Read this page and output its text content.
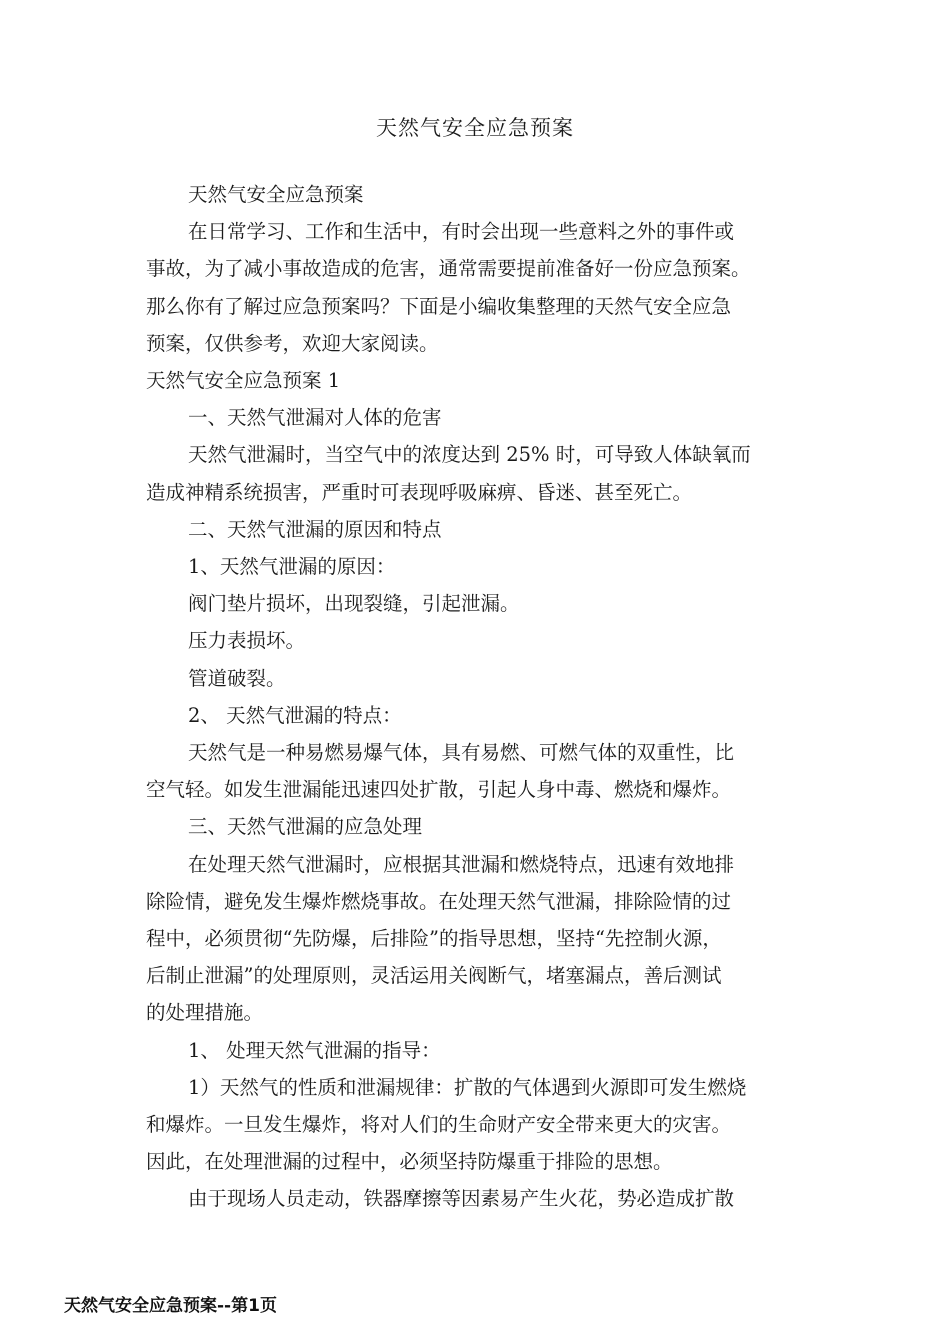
天然气安全应急预案
天然气安全应急预案
在日常学习、工作和生活中，有时会出现一些意料之外的事件或
事故，为了减小事故造成的危害，通常需要提前准备好一份应急预案。
那么你有了解过应急预案吗？下面是小编收集整理的天然气安全应急
预案，仅供参考，欢迎大家阅读。
天然气安全应急预案 1
一、天然气泄漏对人体的危害
天然气泄漏时，当空气中的浓度达到 25% 时，可导致人体缺氧而
造成神精系统损害，严重时可表现呼吸麻痹、昏迷、甚至死亡。
二、天然气泄漏的原因和特点
1、天然气泄漏的原因：
阀门垫片损坏，出现裂缝，引起泄漏。
压力表损坏。
管道破裂。
2、 天然气泄漏的特点：
天然气是一种易燃易爆气体，具有易燃、可燃气体的双重性，比
空气轻。如发生泄漏能迅速四处扩散，引起人身中毒、燃烧和爆炸。
三、天然气泄漏的应急处理
在处理天然气泄漏时，应根据其泄漏和燃烧特点，迅速有效地排
除险情，避免发生爆炸燃烧事故。在处理天然气泄漏，排除险情的过
程中，必须贯彻“先防爆，后排险”的指导思想，坚持“先控制火源，
后制止泄漏”的处理原则，灵活运用关阀断气，堵塞漏点，善后测试
的处理措施。
1、 处理天然气泄漏的指导：
1）天然气的性质和泄漏规律：扩散的气体遇到火源即可发生燃烧
和爆炸。一旦发生爆炸，将对人们的生命财产安全带来更大的灾害。
因此，在处理泄漏的过程中，必须坚持防爆重于排险的思想。
由于现场人员走动，铁器摩擦等因素易产生火花，势必造成扩散
天然气安全应急预案--第1页
